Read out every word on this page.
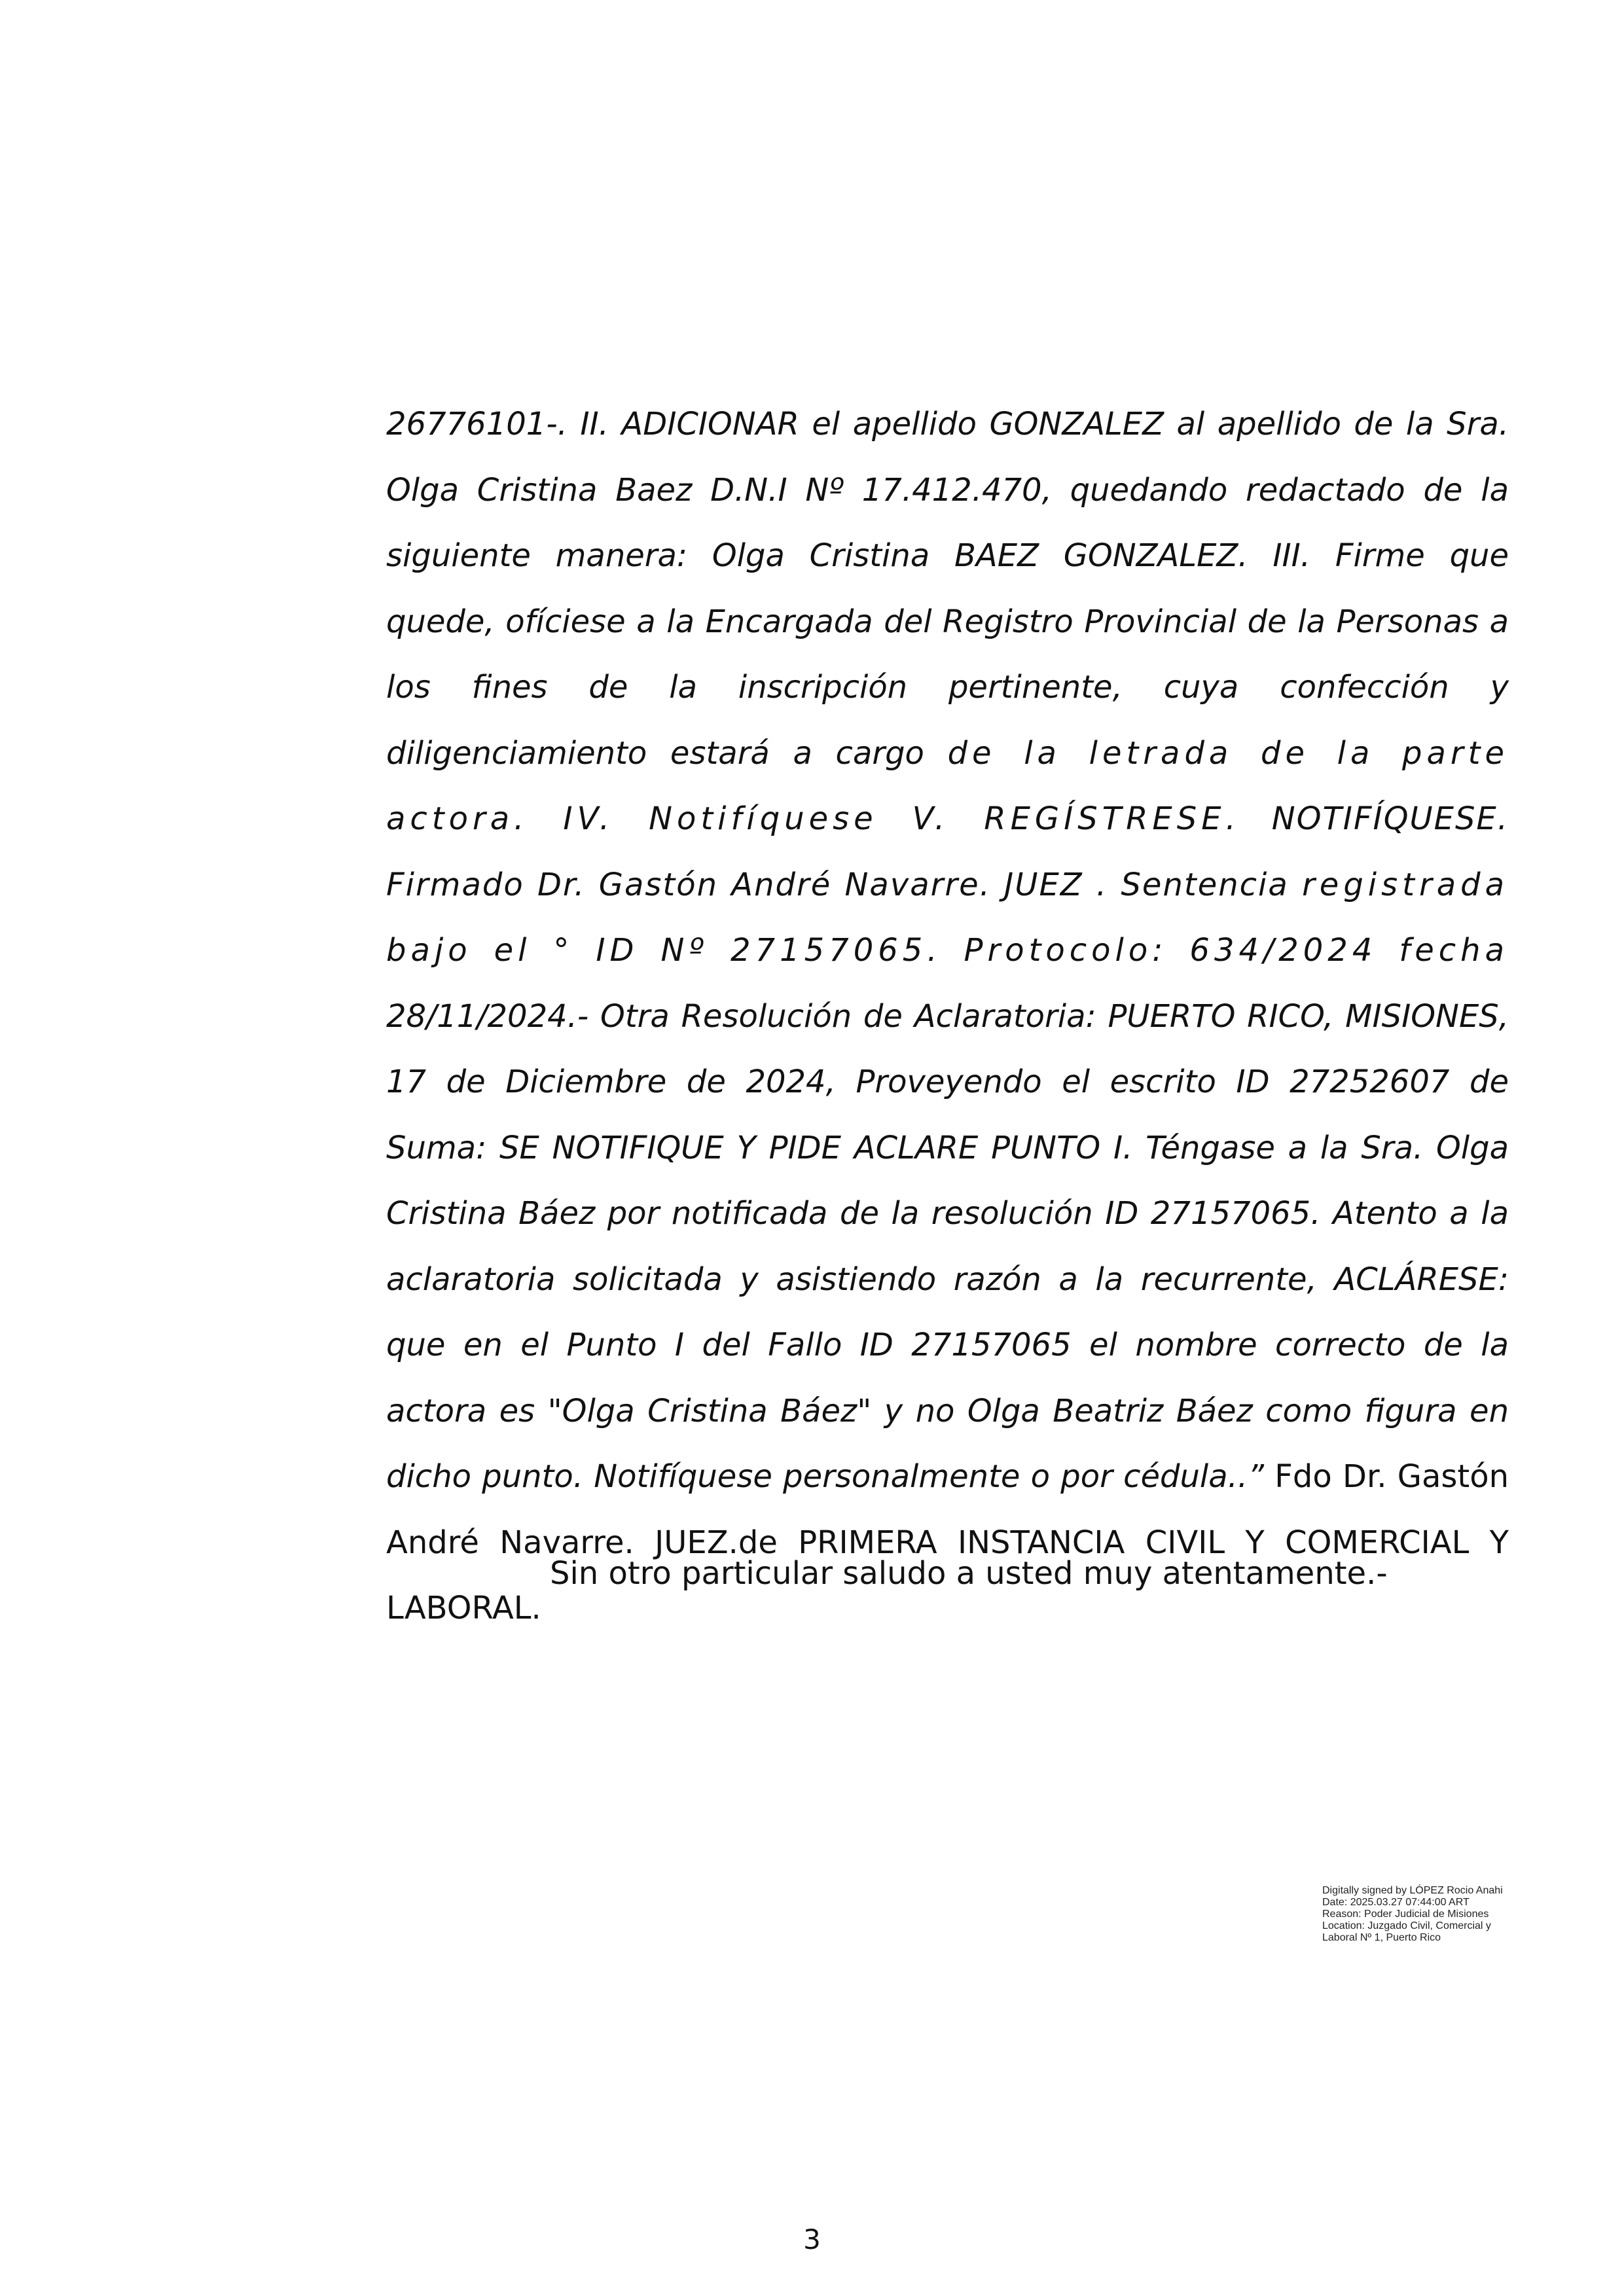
26776101-. II. ADICIONAR el apellido GONZALEZ al apellido de la Sra. Olga Cristina Baez D.N.I Nº 17.412.470, quedando redactado de la siguiente manera: Olga Cristina BAEZ GONZALEZ. III. Firme que quede, ofíciese a la Encargada del Registro Provincial de la Personas a los fines de la inscripción pertinente, cuya confección y diligenciamiento estará a cargo de la letrada de la parte actora. IV. Notifíquese V. REGÍSTRESE. NOTIFÍQUESE. Firmado Dr. Gastón André Navarre. JUEZ . Sentencia registrada bajo el ° ID Nº 27157065. Protocolo: 634/2024 fecha 28/11/2024.- Otra Resolución de Aclaratoria: PUERTO RICO, MISIONES, 17 de Diciembre de 2024, Proveyendo el escrito ID 27252607 de Suma: SE NOTIFIQUE Y PIDE ACLARE PUNTO I. Téngase a la Sra. Olga Cristina Báez por notificada de la resolución ID 27157065. Atento a la aclaratoria solicitada y asistiendo razón a la recurrente, ACLÁRESE: que en el Punto I del Fallo ID 27157065 el nombre correcto de la actora es "Olga Cristina Báez" y no Olga Beatriz Báez como figura en dicho punto. Notifíquese personalmente o por cédula..” Fdo Dr. Gastón André Navarre. JUEZ.de PRIMERA INSTANCIA CIVIL Y COMERCIAL Y LABORAL.

Sin otro particular saludo a usted muy atentamente.-

Digitally signed by LÓPEZ Rocio Anahi
Date: 2025.03.27 07:44:00 ART
Reason: Poder Judicial de Misiones
Location: Juzgado Civil, Comercial y
Laboral Nº 1, Puerto Rico
3
